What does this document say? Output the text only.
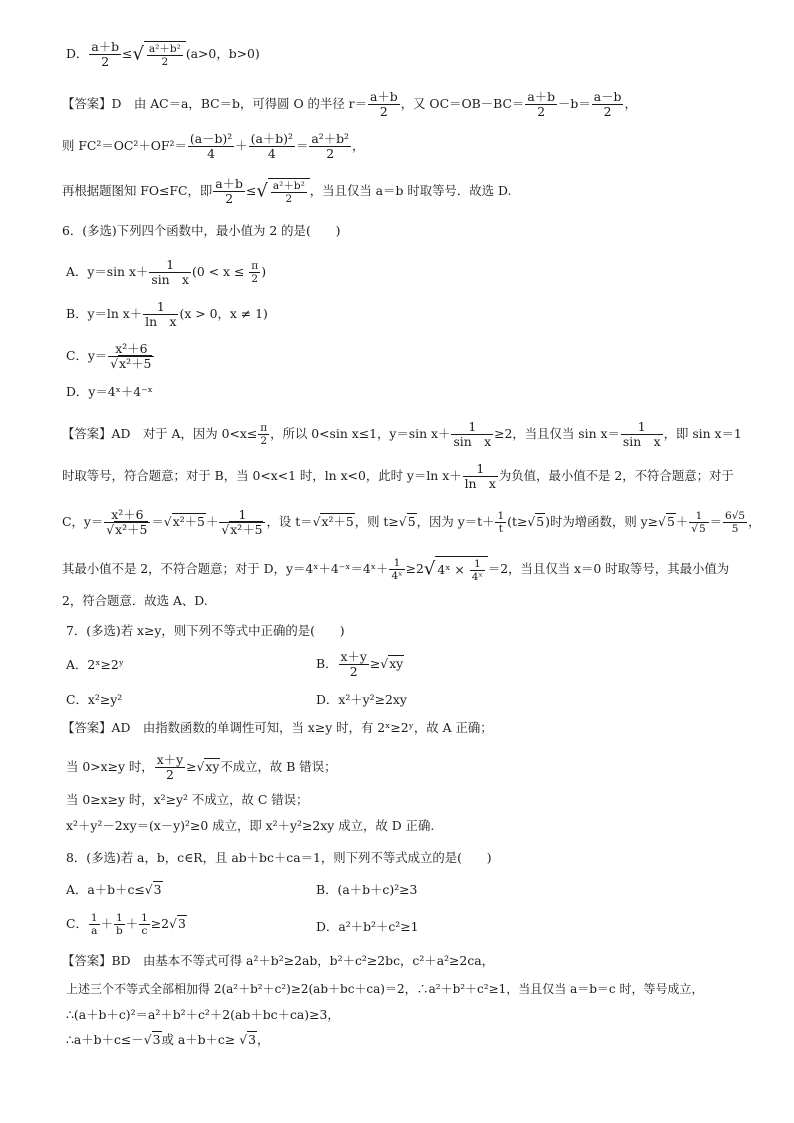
D． $\frac{a+b}{2}$ ≤√ $\frac{\text{a²＋b²}}{2} (a>0$，b>0)
【答案】D　由 AC＝a，BC＝b，可得圆 O 的半径 $r= \frac{a+b}{2}$ ，又 $OC=OB-BC= \frac{a+b}{2} -b= \frac{a-b}{2}$ ，
则 $FC^2=OC^2+OF^2= \frac{\text{(a－b)²}}{4} + \frac{\text{(a＋b)²}}{4} = \frac{\text{a²＋b²}}{2}$ ，
再根据题图知 FO≤FC，即 $\frac{a+b}{2}$ ≤√ $\frac{\text{a²＋b²}}{2}$ ，当且仅当 a＝b 时取等号．故选 D.
6．(多选)下列四个函数中，最小值为 2 的是(　　)
A．y＝sin $x+ \frac{1}{\text{sin　x}} (0 < x \le \frac{\pi}{2}$ )
B．y＝ln $x+ \frac{1}{\text{ln　x}} (x > 0$，x ≠ 1)
C．$y= \frac{\text{x²＋6}}{\text{√x²＋5}}$
D．y＝4ˣ＋4⁻ˣ
【答案】AD　对于 A，因为 $0<x\le \frac{\pi}{2}$ ，所以 0<sin x≤1，y＝sin $x+ \frac{1}{\text{sin　x}} \ge 2$，当且仅当 $\sin x= \frac{1}{\text{sin　x}}$ ，即 sin x＝1
时取等号，符合题意；对于 B，当 0<x<1 时，ln x<0，此时 y＝ln $x+ \frac{1}{\text{ln　x}}$ 为负值，最小值不是 2，不符合题意；对于
C，$y= \frac{\text{x²＋6}}{\text{√x²＋5}} =√x^2+5+ \frac{1}{\text{√x²＋5}}$ ，设 t＝√x²＋5，则 t≥√5，因为 $y=t+ \frac{1}{t} (t\ge√5)$时为增函数，则 $y\ge√5+ \frac{1}{√5} = \frac{6√5}{5}$ ，
其最小值不是 2，不符合题意；对于 D，y＝4ˣ＋4⁻ˣ＝4ˣ＋ $\frac{1}{\text{4ˣ}} \ge 2√$ 4ˣ × $\frac{1}{\text{4ˣ}} =2$，当且仅当 x＝0 时取等号，其最小值为
2，符合题意．故选 A、D.
7．(多选)若 x≥y，则下列不等式中正确的是(　　)
A．2ˣ≥2ʸ	B． $\frac{x+y}{2} \ge√xy$
C．x²≥y²	D．x²＋y²≥2xy
【答案】AD　由指数函数的单调性可知，当 x≥y 时，有 2ˣ≥2ʸ，故 A 正确；
当 0>x≥y 时， $\frac{x+y}{2} \ge√xy$不成立，故 B 错误；
当 0≥x≥y 时，x²≥y² 不成立，故 C 错误；
x²＋y²－2xy＝(x－y)²≥0 成立，即 x²＋y²≥2xy 成立，故 D 正确.
8．(多选)若 a，b，c∈R，且 ab＋bc＋ca＝1，则下列不等式成立的是(　　)
A．a＋b＋c≤√3	B．(a＋b＋c)²≥3
C． $\frac{1}{a} + \frac{1}{b} + \frac{1}{c} \ge 2√3$	D．a²＋b²＋c²≥1
【答案】BD　由基本不等式可得 a²＋b²≥2ab，b²＋c²≥2bc，c²＋a²≥2ca，
上述三个不等式全部相加得 2(a²＋b²＋c²)≥2(ab＋bc＋ca)＝2，∴a²＋b²＋c²≥1，当且仅当 a＝b＝c 时，等号成立，
∴(a＋b＋c)²＝a²＋b²＋c²＋2(ab＋bc＋ca)≥3，
∴a＋b＋c≤－√3或 a＋b＋c≥ √3，
